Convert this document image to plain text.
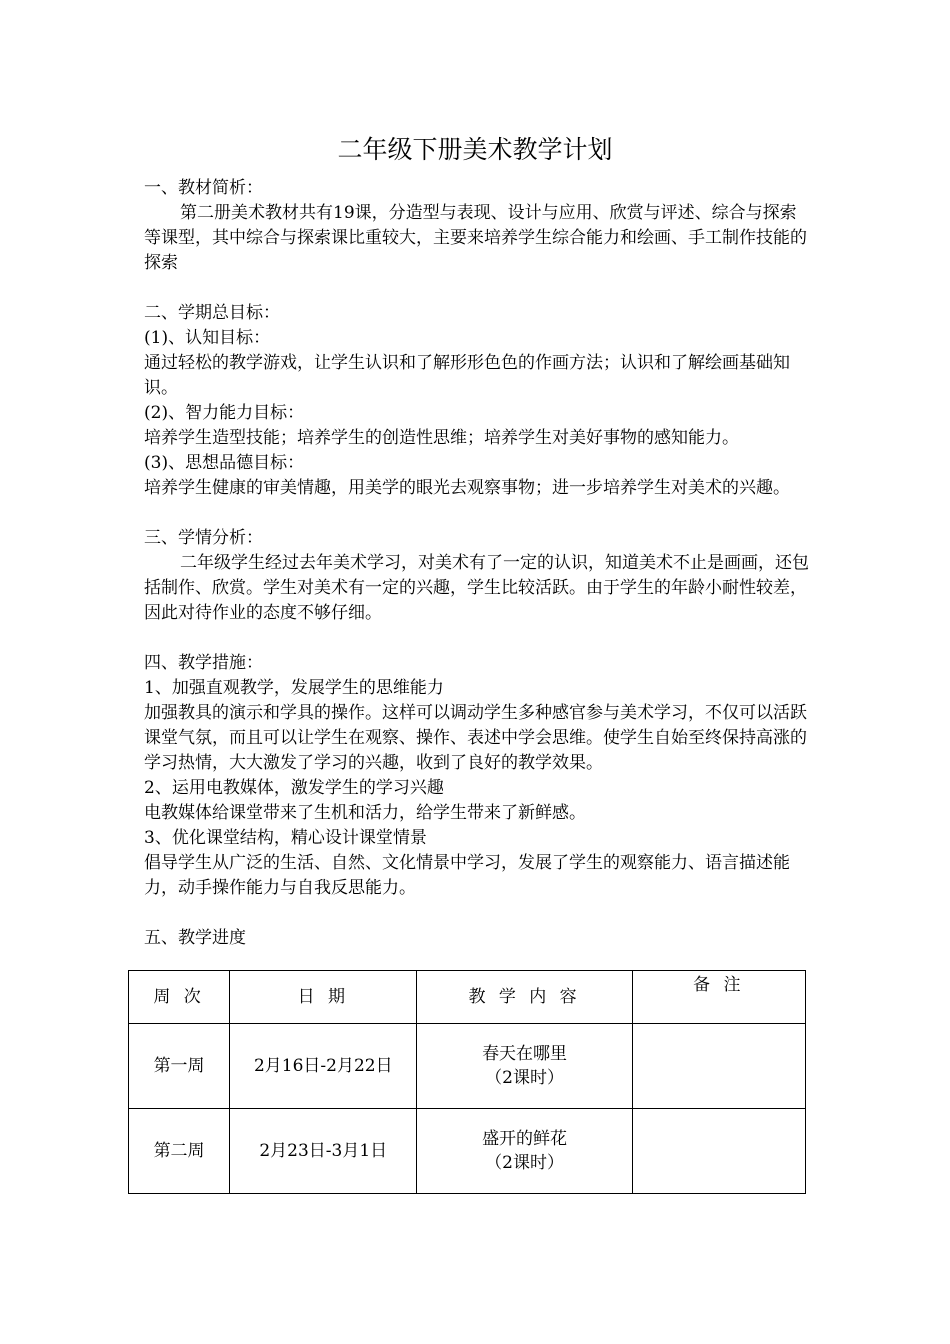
二年级下册美术教学计划

一、教材简析：

第二册美术教材共有19课，分造型与表现、设计与应用、欣赏与评述、综合与探索等课型，其中综合与探索课比重较大，主要来培养学生综合能力和绘画、手工制作技能的探索

二、学期总目标：

(1)、认知目标：

通过轻松的教学游戏，让学生认识和了解形形色色的作画方法；认识和了解绘画基础知识。

(2)、智力能力目标：

培养学生造型技能；培养学生的创造性思维；培养学生对美好事物的感知能力。

(3)、思想品德目标：

培养学生健康的审美情趣，用美学的眼光去观察事物；进一步培养学生对美术的兴趣。

三、学情分析：

二年级学生经过去年美术学习，对美术有了一定的认识，知道美术不止是画画，还包括制作、欣赏。学生对美术有一定的兴趣，学生比较活跃。由于学生的年龄小耐性较差，因此对待作业的态度不够仔细。

四、教学措施：

1、加强直观教学，发展学生的思维能力

加强教具的演示和学具的操作。这样可以调动学生多种感官参与美术学习，不仅可以活跃课堂气氛，而且可以让学生在观察、操作、表述中学会思维。使学生自始至终保持高涨的学习热情，大大激发了学习的兴趣，收到了良好的教学效果。

2、运用电教媒体，激发学生的学习兴趣

电教媒体给课堂带来了生机和活力，给学生带来了新鲜感。

3、优化课堂结构，精心设计课堂情景

倡导学生从广泛的生活、自然、文化情景中学习，发展了学生的观察能力、语言描述能力，动手操作能力与自我反思能力。

五、教学进度

周 次	日 期	教 学 内 容	备 注
第一周	2月16日-2月22日	春天在哪里
（2课时）	

第二周	2月23日-3月1日	盛开的鲜花
（2课时）	
